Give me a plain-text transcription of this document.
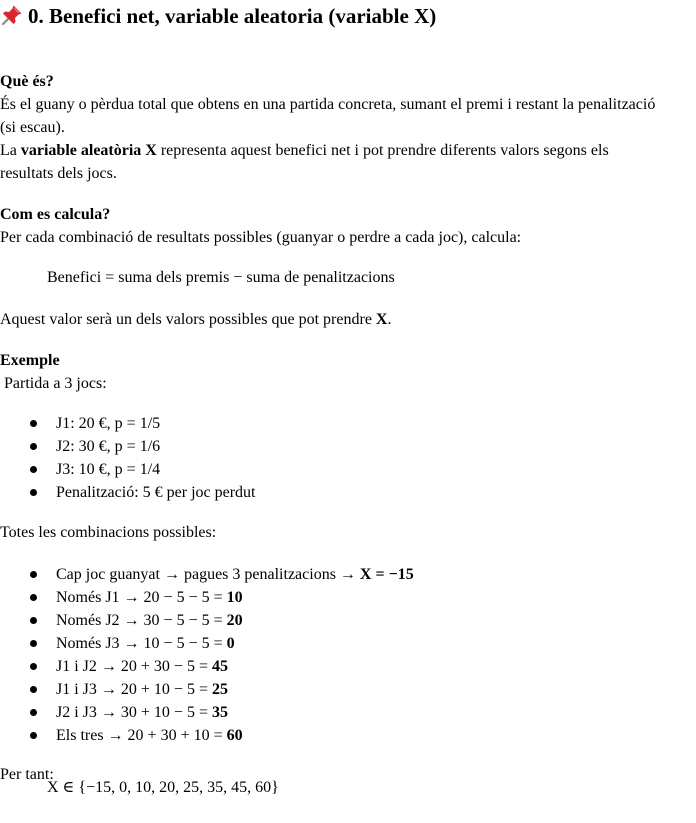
0. Benefici net, variable aleatoria (variable X)

Què és?

És el guany o pèrdua total que obtens en una partida concreta, sumant el premi i restant la penalització

(si escau).

La variable aleatòria X representa aquest benefici net i pot prendre diferents valors segons els

resultats dels jocs.

Com es calcula?

Per cada combinació de resultats possibles (guanyar o perdre a cada joc), calcula:

Benefici = suma dels premis − suma de penalitzacions
Aquest valor serà un dels valors possibles que pot prendre X.

Exemple

Partida a 3 jocs:

J1: 20 €, p = 1/5
J2: 30 €, p = 1/6
J3: 10 €, p = 1/4
Penalització: 5 € per joc perdut
Totes les combinacions possibles:
Cap joc guanyat → pagues 3 penalitzacions → X = −15
Només J1 → 20 − 5 − 5 = 10
Només J2 → 30 − 5 − 5 = 20
Només J3 → 10 − 5 − 5 = 0
J1 i J2 → 20 + 30 − 5 = 45
J1 i J3 → 20 + 10 − 5 = 25
J2 i J3 → 30 + 10 − 5 = 35
Els tres → 20 + 30 + 10 = 60
Per tant:
X ∈ {−15, 0, 10, 20, 25, 35, 45, 60}
